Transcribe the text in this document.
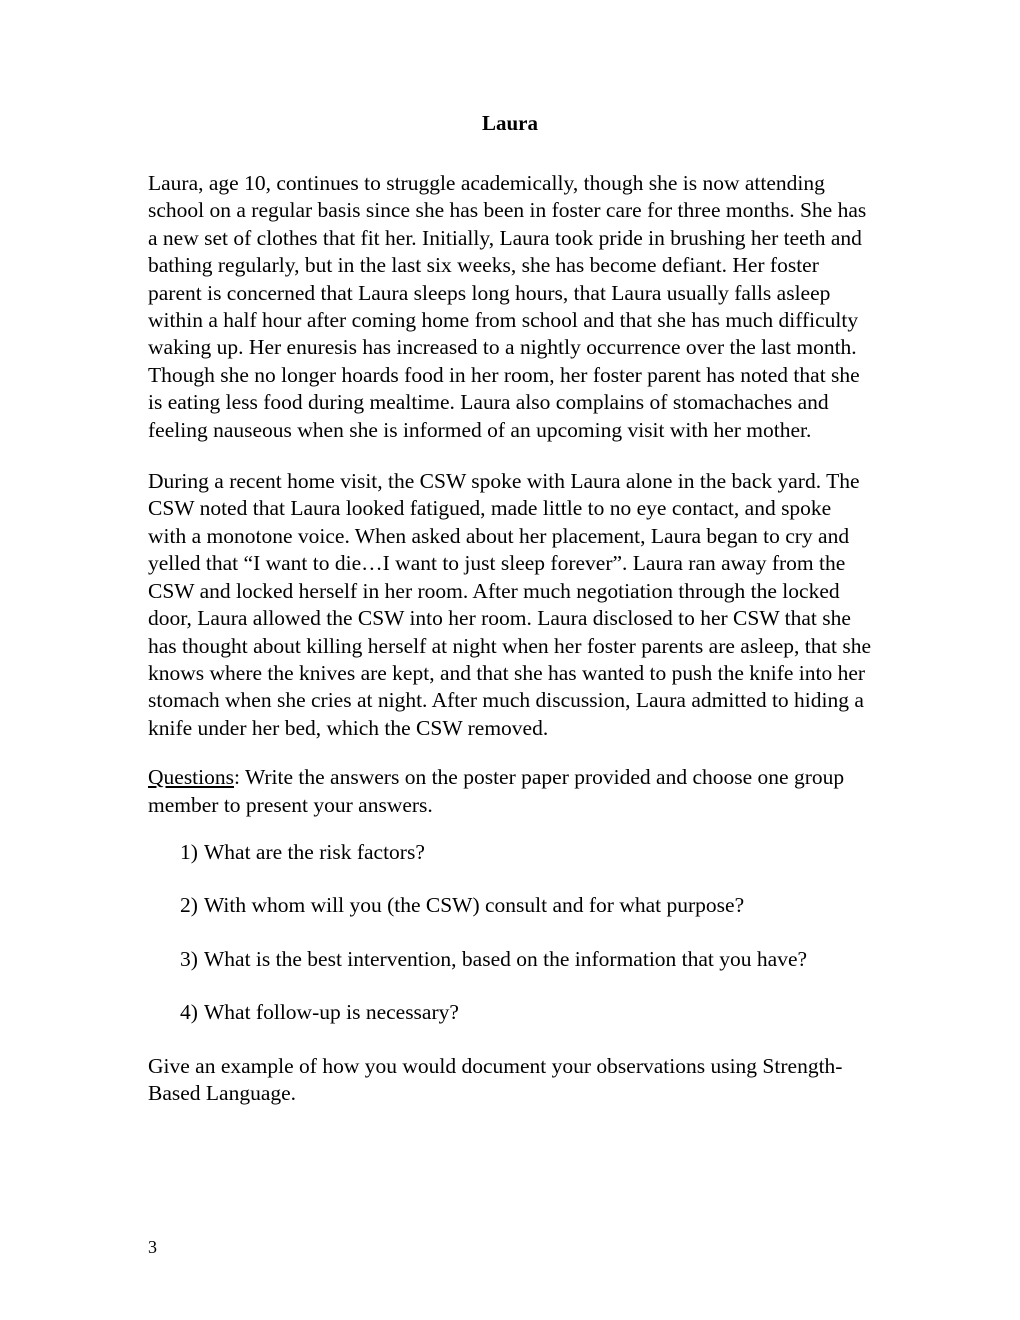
Laura

Laura, age 10, continues to struggle academically, though she is now attending school on a regular basis since she has been in foster care for three months. She has a new set of clothes that fit her. Initially, Laura took pride in brushing her teeth and bathing regularly, but in the last six weeks, she has become defiant. Her foster parent is concerned that Laura sleeps long hours, that Laura usually falls asleep within a half hour after coming home from school and that she has much difficulty waking up. Her enuresis has increased to a nightly occurrence over the last month. Though she no longer hoards food in her room, her foster parent has noted that she is eating less food during mealtime. Laura also complains of stomachaches and feeling nauseous when she is informed of an upcoming visit with her mother.

During a recent home visit, the CSW spoke with Laura alone in the back yard. The CSW noted that Laura looked fatigued, made little to no eye contact, and spoke with a monotone voice. When asked about her placement, Laura began to cry and yelled that “I want to die…I want to just sleep forever”. Laura ran away from the CSW and locked herself in her room. After much negotiation through the locked door, Laura allowed the CSW into her room. Laura disclosed to her CSW that she has thought about killing herself at night when her foster parents are asleep, that she knows where the knives are kept, and that she has wanted to push the knife into her stomach when she cries at night. After much discussion, Laura admitted to hiding a knife under her bed, which the CSW removed.

Questions: Write the answers on the poster paper provided and choose one group member to present your answers.

1) What are the risk factors?
2) With whom will you (the CSW) consult and for what purpose?
3) What is the best intervention, based on the information that you have?
4) What follow-up is necessary?

Give an example of how you would document your observations using Strength-Based Language.

3
